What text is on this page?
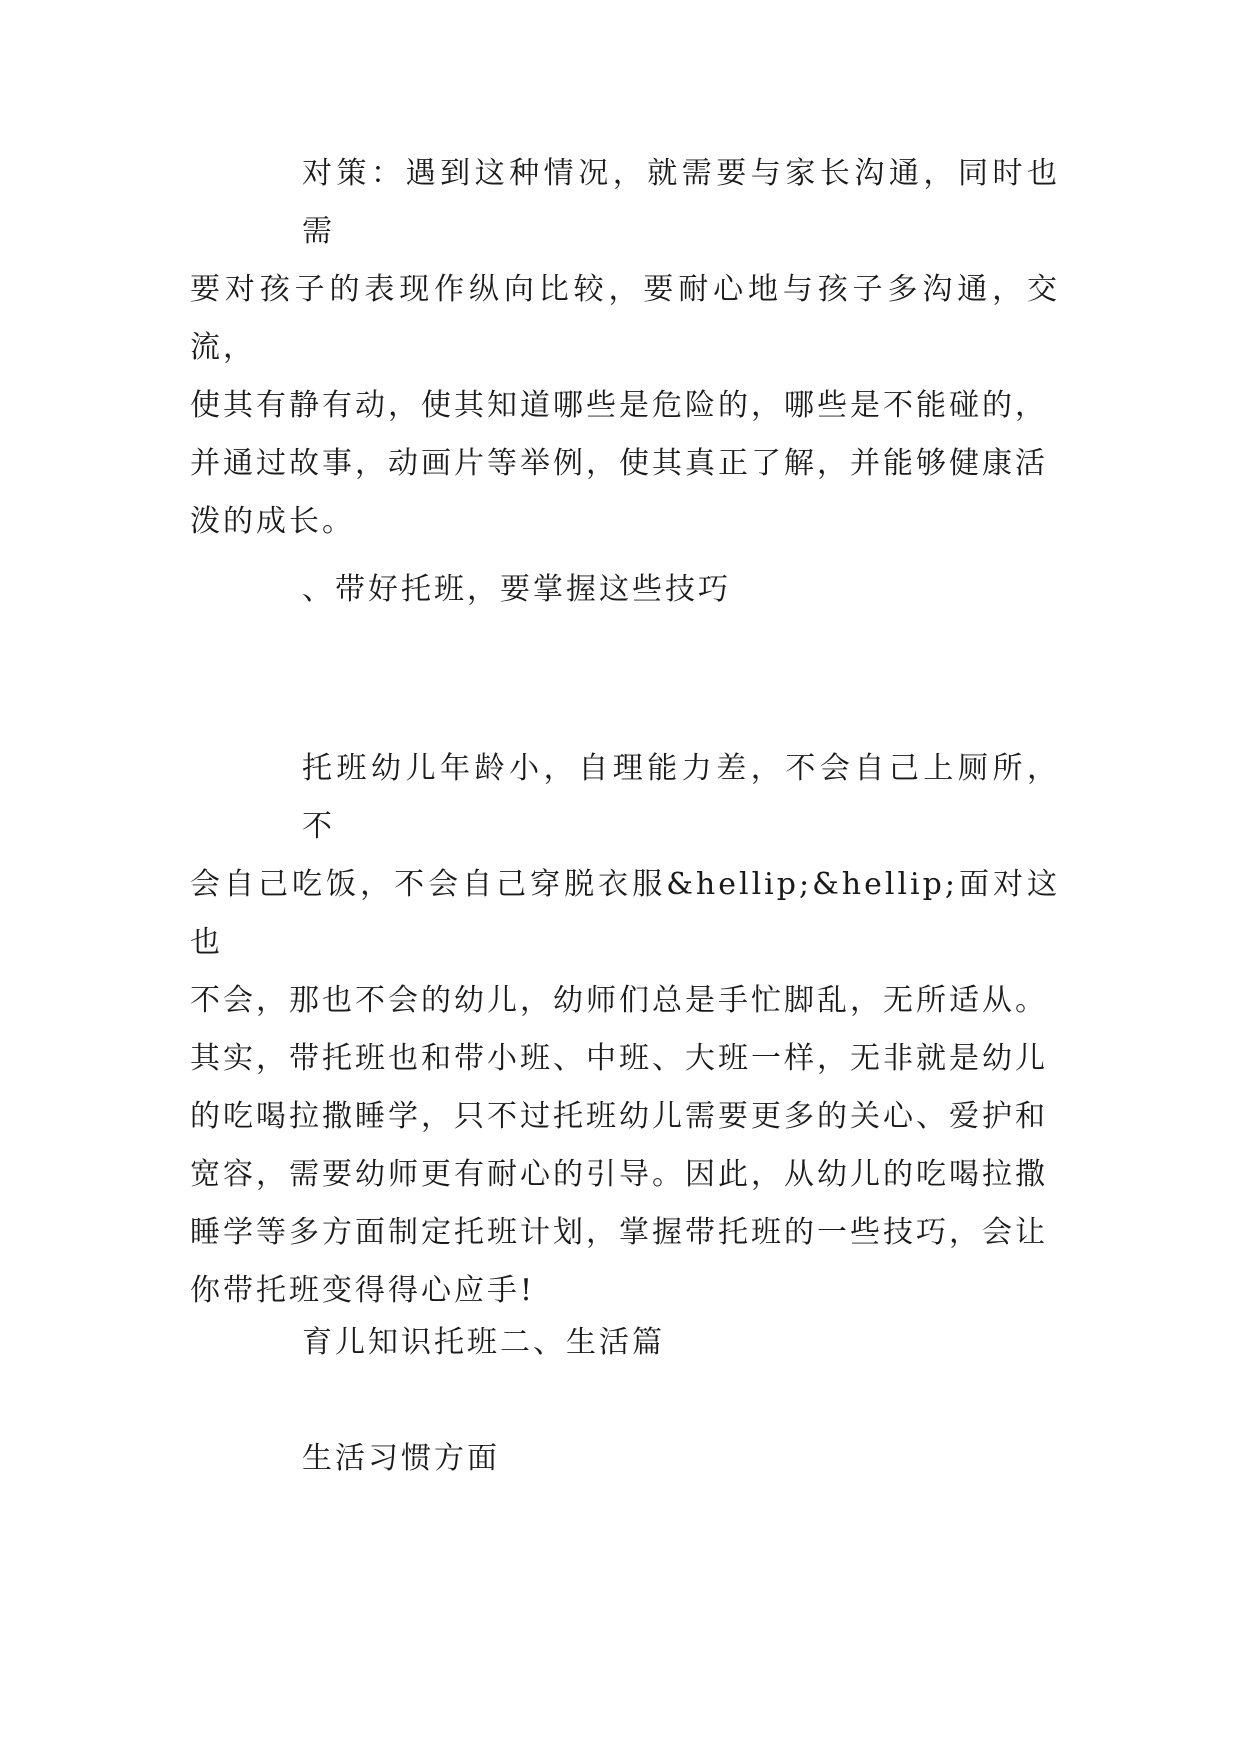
对策：遇到这种情况，就需要与家长沟通，同时也需
要对孩子的表现作纵向比较，要耐心地与孩子多沟通，交流，
使其有静有动，使其知道哪些是危险的，哪些是不能碰的，
并通过故事，动画片等举例，使其真正了解，并能够健康活
泼的成长。

、带好托班，要掌握这些技巧

托班幼儿年龄小，自理能力差，不会自己上厕所，不
会自己吃饭，不会自己穿脱衣服&hellip;&hellip;面对这也
不会，那也不会的幼儿，幼师们总是手忙脚乱，无所适从。
其实，带托班也和带小班、中班、大班一样，无非就是幼儿
的吃喝拉撒睡学，只不过托班幼儿需要更多的关心、爱护和
宽容，需要幼师更有耐心的引导。因此，从幼儿的吃喝拉撒
睡学等多方面制定托班计划，掌握带托班的一些技巧，会让
你带托班变得得心应手!

育儿知识托班二、生活篇

生活习惯方面
